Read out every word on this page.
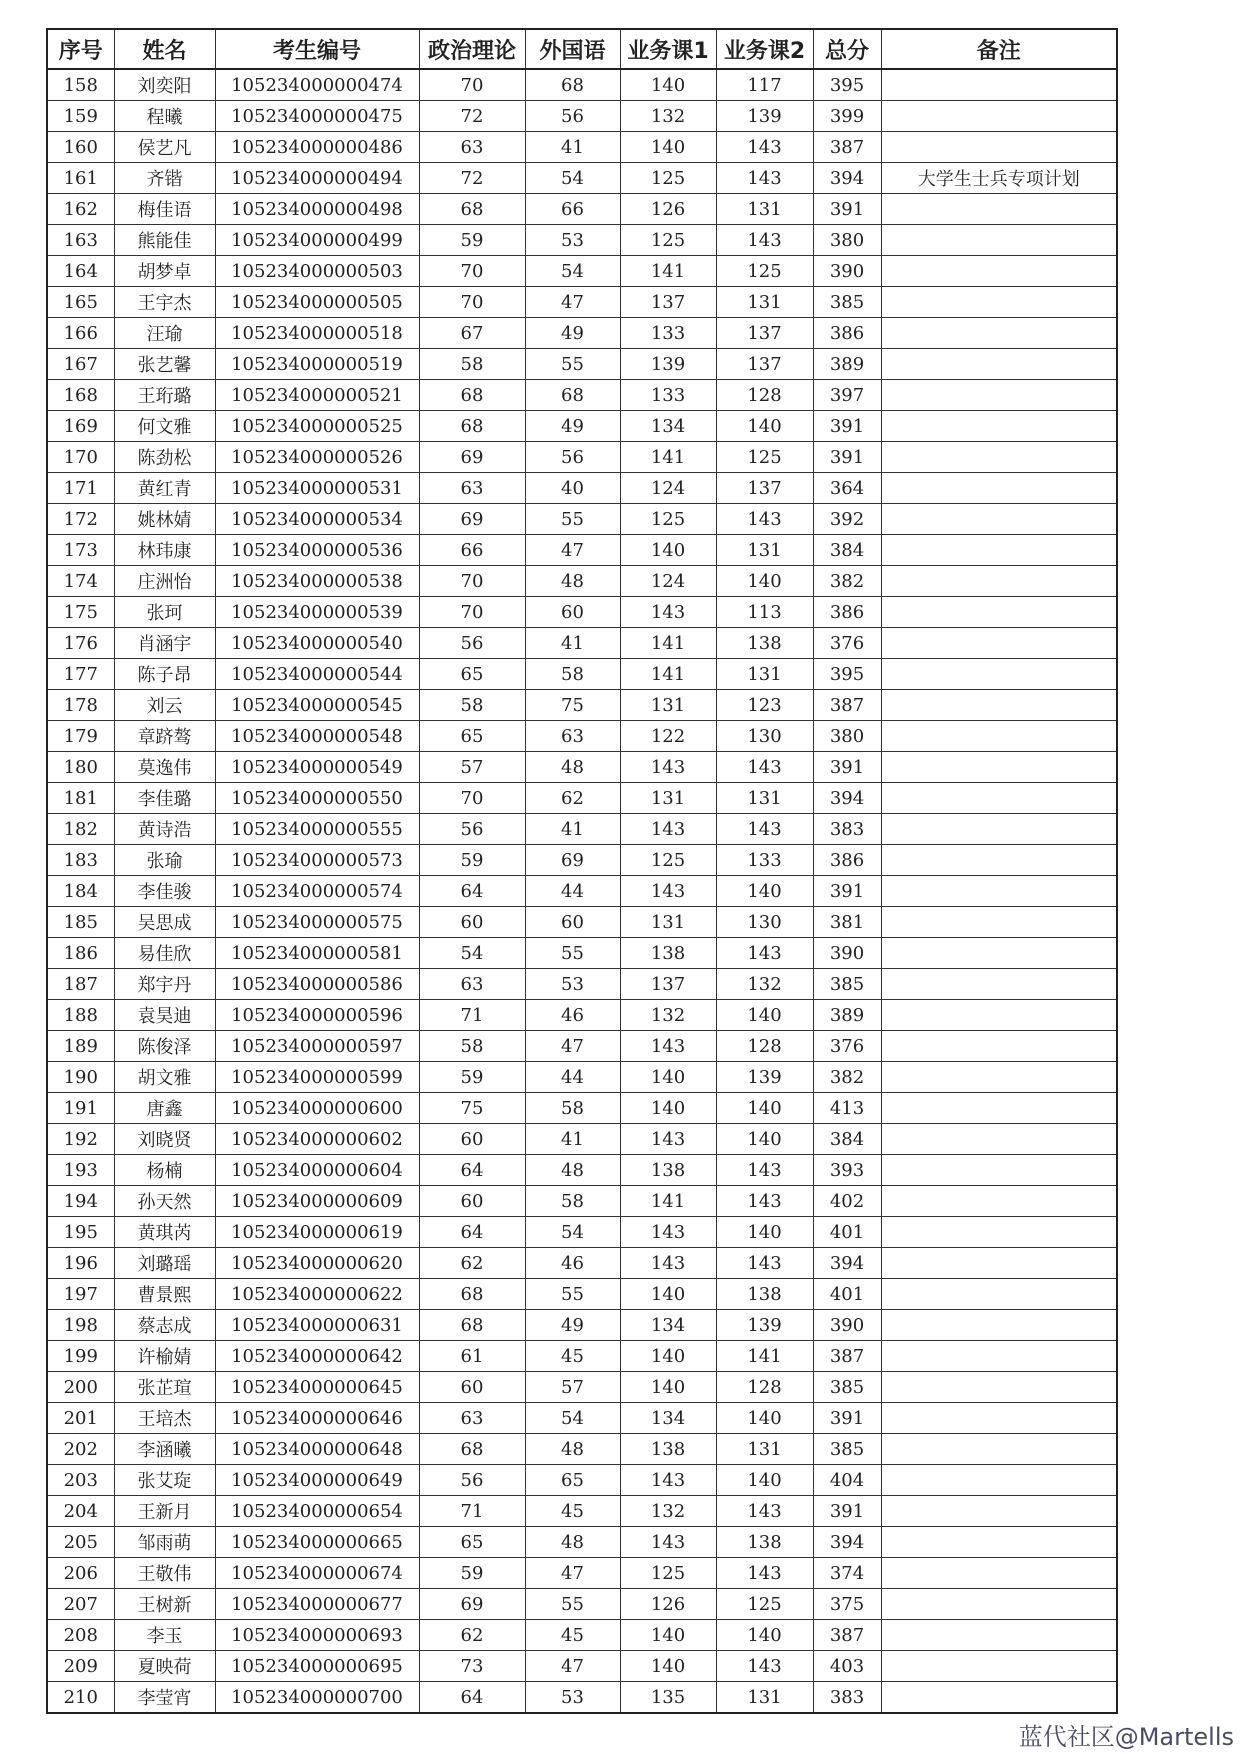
序号	姓名	考生编号	政治理论	外国语	业务课1	业务课2	总分	备注
158	刘奕阳	105234000000474	70	68	140	117	395	
159	程曦	105234000000475	72	56	132	139	399	
160	侯艺凡	105234000000486	63	41	140	143	387	
161	齐锴	105234000000494	72	54	125	143	394	大学生士兵专项计划
162	梅佳语	105234000000498	68	66	126	131	391	
163	熊能佳	105234000000499	59	53	125	143	380	
164	胡梦卓	105234000000503	70	54	141	125	390	
165	王宇杰	105234000000505	70	47	137	131	385	
166	汪瑜	105234000000518	67	49	133	137	386	
167	张艺馨	105234000000519	58	55	139	137	389	
168	王珩璐	105234000000521	68	68	133	128	397	
169	何文雅	105234000000525	68	49	134	140	391	
170	陈劲松	105234000000526	69	56	141	125	391	
171	黄红青	105234000000531	63	40	124	137	364	
172	姚林婧	105234000000534	69	55	125	143	392	
173	林玮康	105234000000536	66	47	140	131	384	
174	庄洲怡	105234000000538	70	48	124	140	382	
175	张珂	105234000000539	70	60	143	113	386	
176	肖涵宇	105234000000540	56	41	141	138	376	
177	陈子昂	105234000000544	65	58	141	131	395	
178	刘云	105234000000545	58	75	131	123	387	
179	章跻骜	105234000000548	65	63	122	130	380	
180	莫逸伟	105234000000549	57	48	143	143	391	
181	李佳璐	105234000000550	70	62	131	131	394	
182	黄诗浩	105234000000555	56	41	143	143	383	
183	张瑜	105234000000573	59	69	125	133	386	
184	李佳骏	105234000000574	64	44	143	140	391	
185	吴思成	105234000000575	60	60	131	130	381	
186	易佳欣	105234000000581	54	55	138	143	390	
187	郑宇丹	105234000000586	63	53	137	132	385	
188	袁昊迪	105234000000596	71	46	132	140	389	
189	陈俊泽	105234000000597	58	47	143	128	376	
190	胡文雅	105234000000599	59	44	140	139	382	
191	唐鑫	105234000000600	75	58	140	140	413	
192	刘晓贤	105234000000602	60	41	143	140	384	
193	杨楠	105234000000604	64	48	138	143	393	
194	孙天然	105234000000609	60	58	141	143	402	
195	黄琪芮	105234000000619	64	54	143	140	401	
196	刘璐瑶	105234000000620	62	46	143	143	394	
197	曹景熙	105234000000622	68	55	140	138	401	
198	蔡志成	105234000000631	68	49	134	139	390	
199	许榆婧	105234000000642	61	45	140	141	387	
200	张芷瑄	105234000000645	60	57	140	128	385	
201	王培杰	105234000000646	63	54	134	140	391	
202	李涵曦	105234000000648	68	48	138	131	385	
203	张艾琁	105234000000649	56	65	143	140	404	
204	王新月	105234000000654	71	45	132	143	391	
205	邹雨萌	105234000000665	65	48	143	138	394	
206	王敬伟	105234000000674	59	47	125	143	374	
207	王树新	105234000000677	69	55	126	125	375	
208	李玉	105234000000693	62	45	140	140	387	
209	夏映荷	105234000000695	73	47	140	143	403	
210	李莹宵	105234000000700	64	53	135	131	383	
蓝代社区@Martells
